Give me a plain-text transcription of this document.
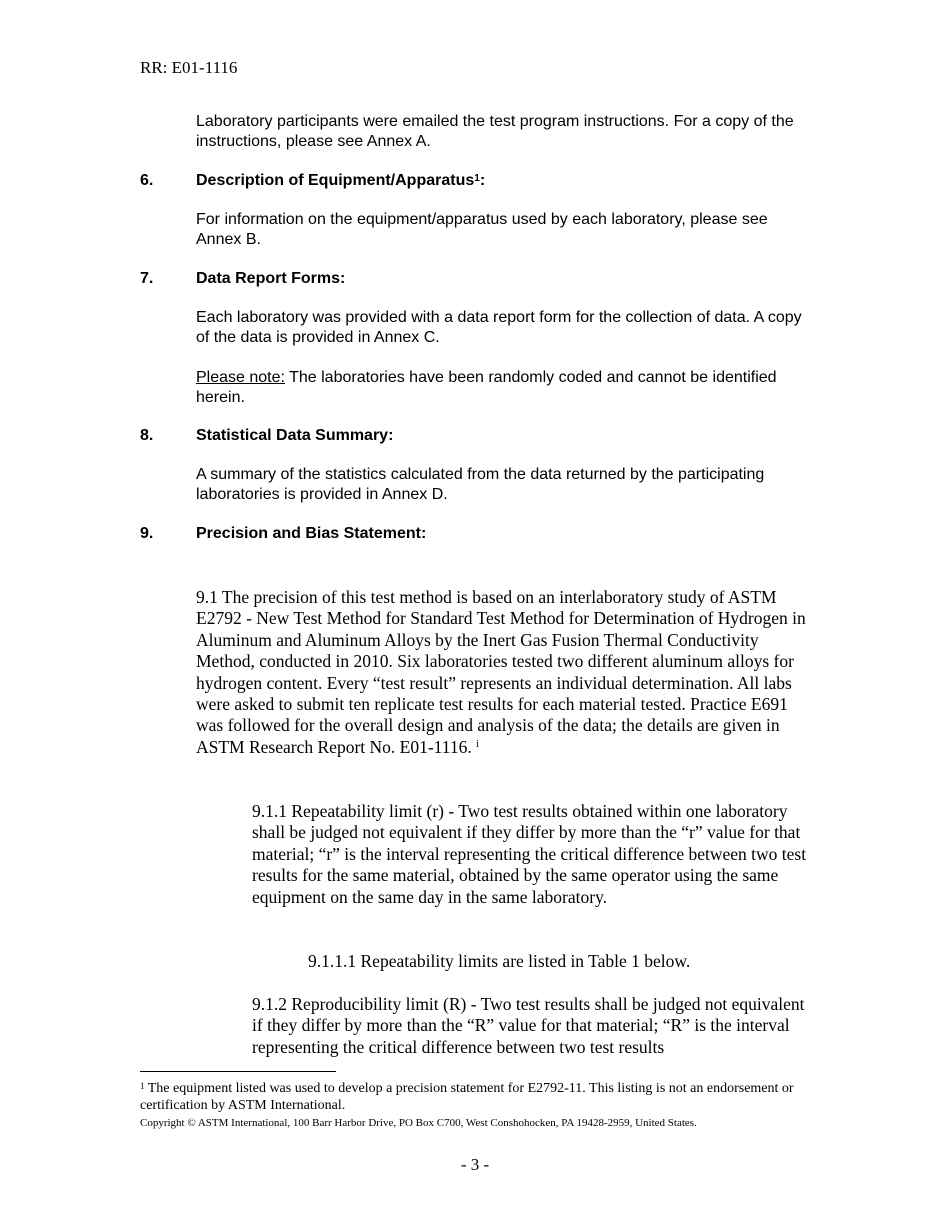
RR: E01-1116
Laboratory participants were emailed the test program instructions. For a copy of the instructions, please see Annex A.
6.	Description of Equipment/Apparatus$^1$:
For information on the equipment/apparatus used by each laboratory, please see Annex B.
7.	Data Report Forms:
Each laboratory was provided with a data report form for the collection of data. A copy of the data is provided in Annex C.
Please note: The laboratories have been randomly coded and cannot be identified herein.
8.	Statistical Data Summary:
A summary of the statistics calculated from the data returned by the participating laboratories is provided in Annex D.
9.	Precision and Bias Statement:
9.1 The precision of this test method is based on an interlaboratory study of ASTM E2792 - New Test Method for Standard Test Method for Determination of Hydrogen in Aluminum and Aluminum Alloys by the Inert Gas Fusion Thermal Conductivity Method, conducted in 2010. Six laboratories tested two different aluminum alloys for hydrogen content. Every “test result” represents an individual determination. All labs were asked to submit ten replicate test results for each material tested. Practice E691 was followed for the overall design and analysis of the data; the details are given in ASTM Research Report No. E01-1116. $^i$
9.1.1 Repeatability limit (r) - Two test results obtained within one laboratory shall be judged not equivalent if they differ by more than the “r” value for that material; “r” is the interval representing the critical difference between two test results for the same material, obtained by the same operator using the same equipment on the same day in the same laboratory.
9.1.1.1 Repeatability limits are listed in Table 1 below.
9.1.2 Reproducibility limit (R) - Two test results shall be judged not equivalent if they differ by more than the “R” value for that material; “R” is the interval representing the critical difference between two test results
$^1$ The equipment listed was used to develop a precision statement for E2792-11. This listing is not an endorsement or certification by ASTM International.
Copyright © ASTM International, 100 Barr Harbor Drive, PO Box C700, West Conshohocken, PA 19428-2959, United States.
- 3 -
